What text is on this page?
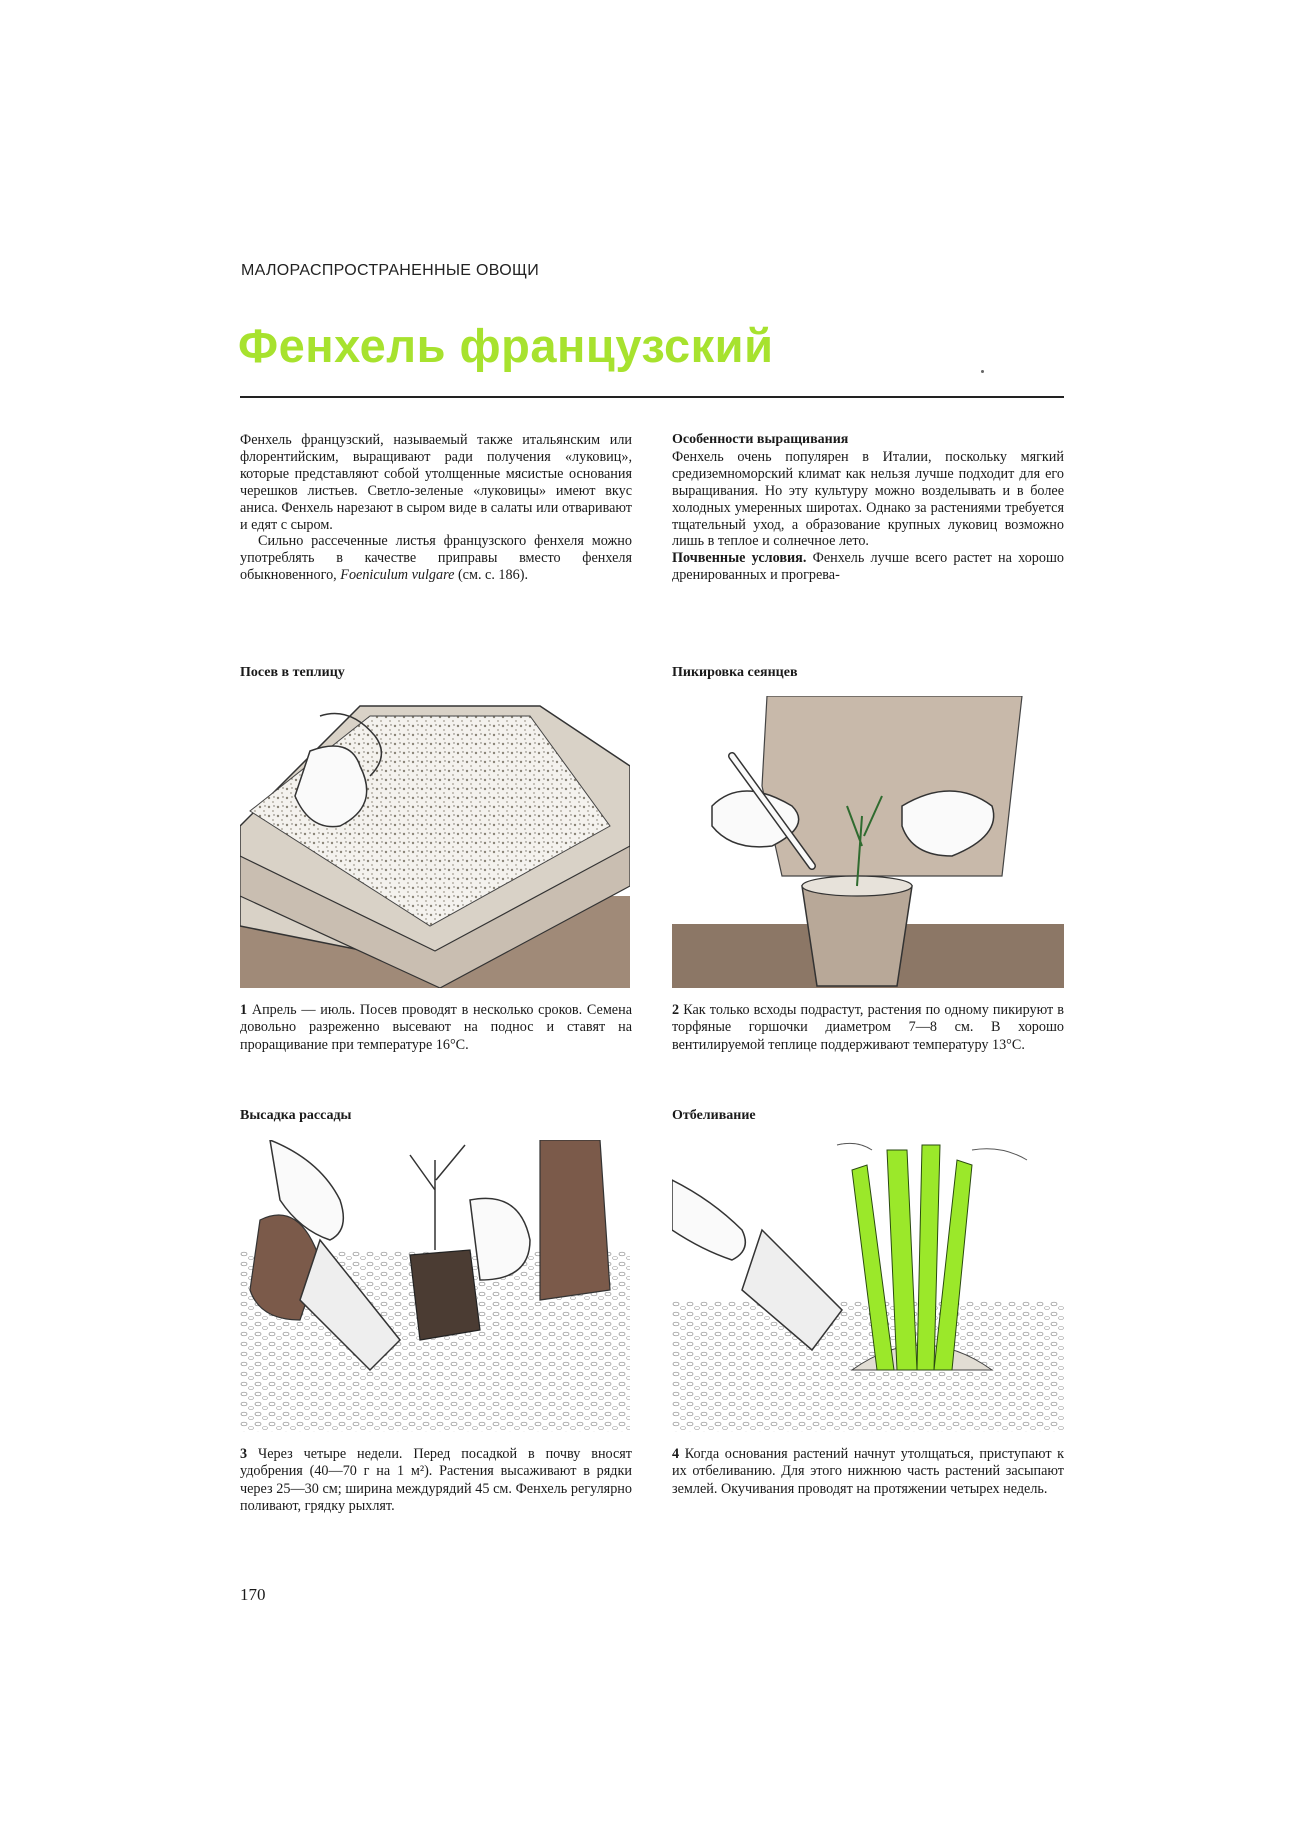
МАЛОРАСПРОСТРАНЕННЫЕ ОВОЩИ
Фенхель французский

Фенхель французский, называемый также итальянским или флорентийским, выращивают ради получения «луковиц», которые представляют собой утолщенные мясистые основания черешков листьев. Светло-зеленые «луковицы» имеют вкус аниса. Фенхель нарезают в сыром виде в салаты или отваривают и едят с сыром.

Сильно рассеченные листья французского фенхеля можно употреблять в качестве приправы вместо фенхеля обыкновенного, Foeniculum vulgare (см. с. 186).

Особенности выращивания

Фенхель очень популярен в Италии, поскольку мягкий средиземноморский климат как нельзя лучше подходит для его выращивания. Но эту культуру можно возделывать и в более холодных умеренных широтах. Однако за растениями требуется тщательный уход, а образование крупных луковиц возможно лишь в теплое и солнечное лето.

Почвенные условия. Фенхель лучше всего растет на хорошо дренированных и прогрева-

Посев в теплицу	Пикировка сеянцев
Высадка рассады	Отбеливание
1 Апрель — июль. Посев проводят в несколько сроков. Семена довольно разреженно высевают на поднос и ставят на проращивание при температуре 16°С.
2 Как только всходы подрастут, растения по одному пикируют в торфяные горшочки диаметром 7—8 см. В хорошо вентилируемой теплице поддерживают температуру 13°С.
3 Через четыре недели. Перед посадкой в почву вносят удобрения (40—70 г на 1 м²). Растения высаживают в рядки через 25—30 см; ширина междурядий 45 см. Фенхель регулярно поливают, грядку рыхлят.
4 Когда основания растений начнут утолщаться, приступают к их отбеливанию. Для этого нижнюю часть растений засыпают землей. Окучивания проводят на протяжении четырех недель.
170
